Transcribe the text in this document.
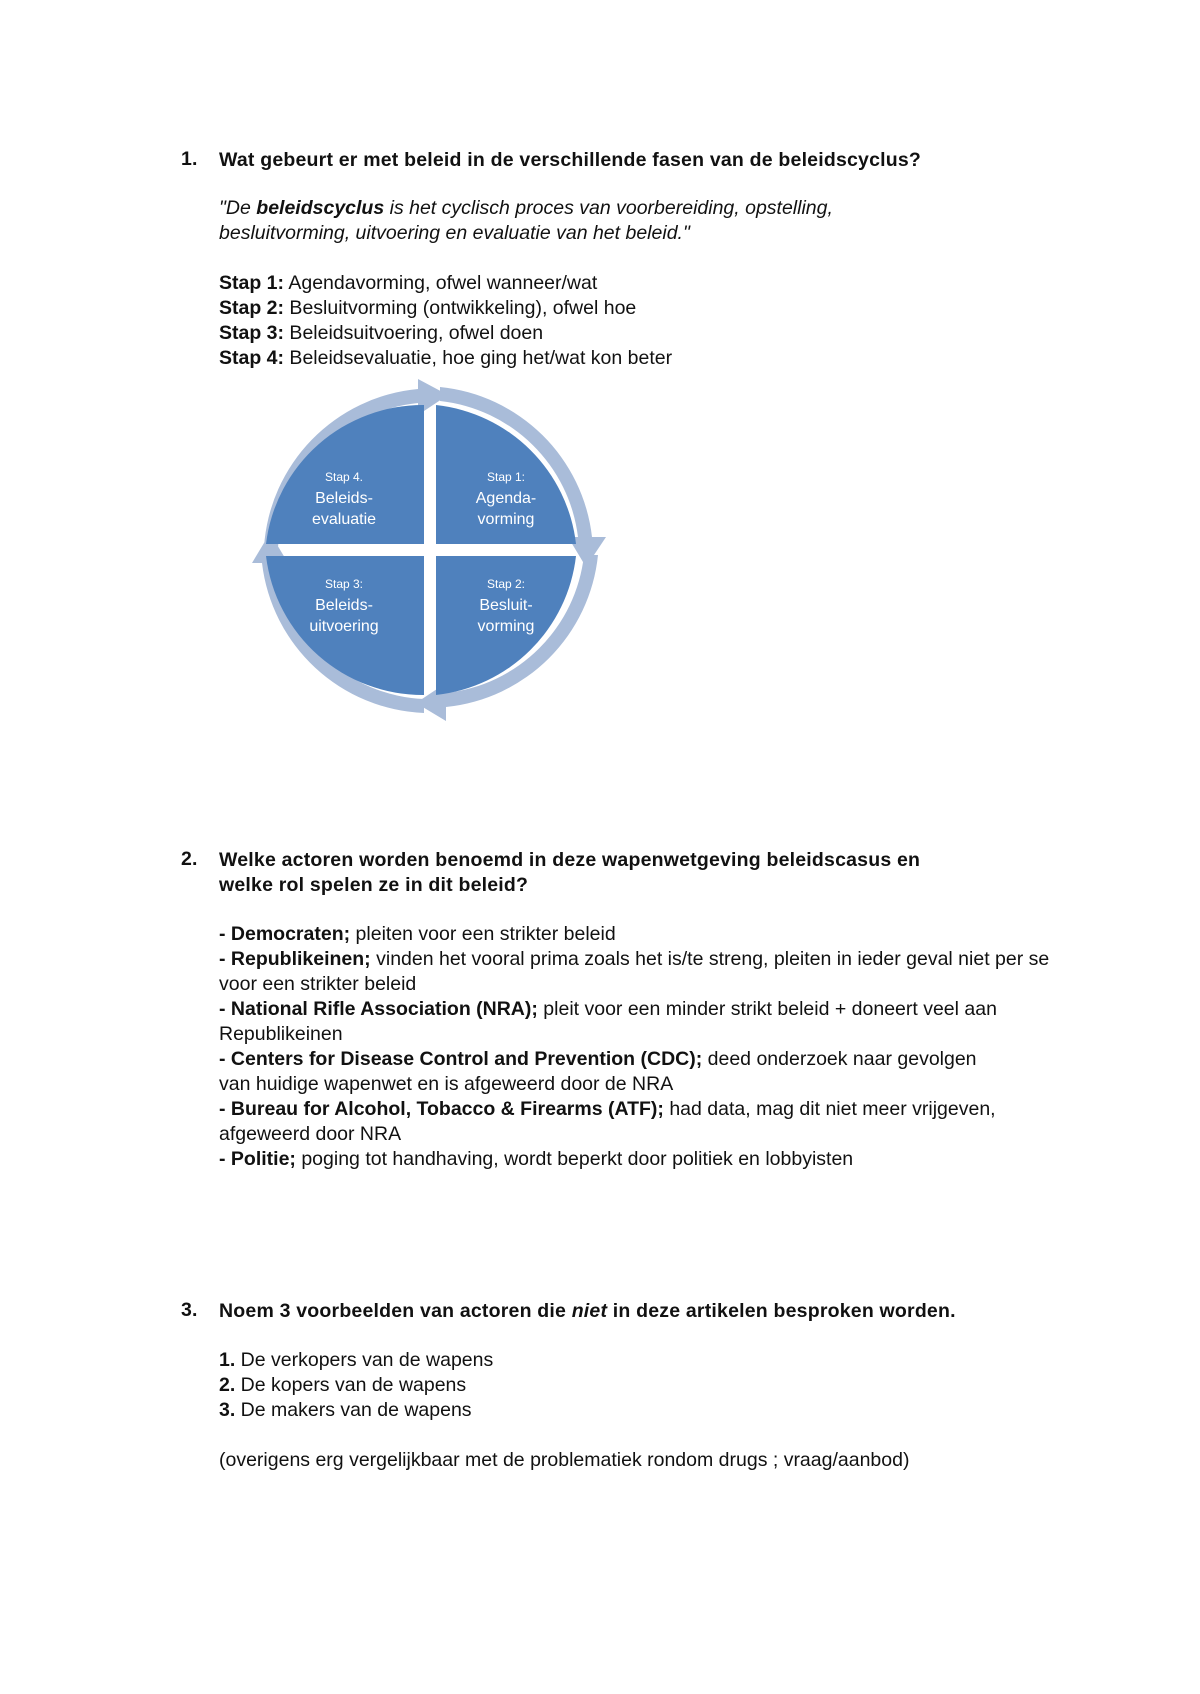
1. Wat gebeurt er met beleid in de verschillende fasen van de beleidscyclus?
"De beleidscyclus is het cyclisch proces van voorbereiding, opstelling,
besluitvorming, uitvoering en evaluatie van het beleid."
Stap 1: Agendavorming, ofwel wanneer/wat
Stap 2: Besluitvorming (ontwikkeling), ofwel hoe
Stap 3: Beleidsuitvoering, ofwel doen
Stap 4: Beleidsevaluatie, hoe ging het/wat kon beter
Stap 4.
Beleids-
evaluatie
Stap 1:
Agenda-
vorming
Stap 3:
Beleids-
uitvoering
Stap 2:
Besluit-
vorming
2. Welke actoren worden benoemd in deze wapenwetgeving beleidscasus en
welke rol spelen ze in dit beleid?
- Democraten; pleiten voor een strikter beleid
- Republikeinen; vinden het vooral prima zoals het is/te streng, pleiten in ieder geval niet per se voor een strikter beleid
- National Rifle Association (NRA); pleit voor een minder strikt beleid + doneert veel aan Republikeinen
- Centers for Disease Control and Prevention (CDC); deed onderzoek naar gevolgen van huidige wapenwet en is afgeweerd door de NRA
- Bureau for Alcohol, Tobacco & Firearms (ATF); had data, mag dit niet meer vrijgeven, afgeweerd door NRA
- Politie; poging tot handhaving, wordt beperkt door politiek en lobbyisten
3. Noem 3 voorbeelden van actoren die niet in deze artikelen besproken worden.
1. De verkopers van de wapens
2. De kopers van de wapens
3. De makers van de wapens
(overigens erg vergelijkbaar met de problematiek rondom drugs ; vraag/aanbod)
